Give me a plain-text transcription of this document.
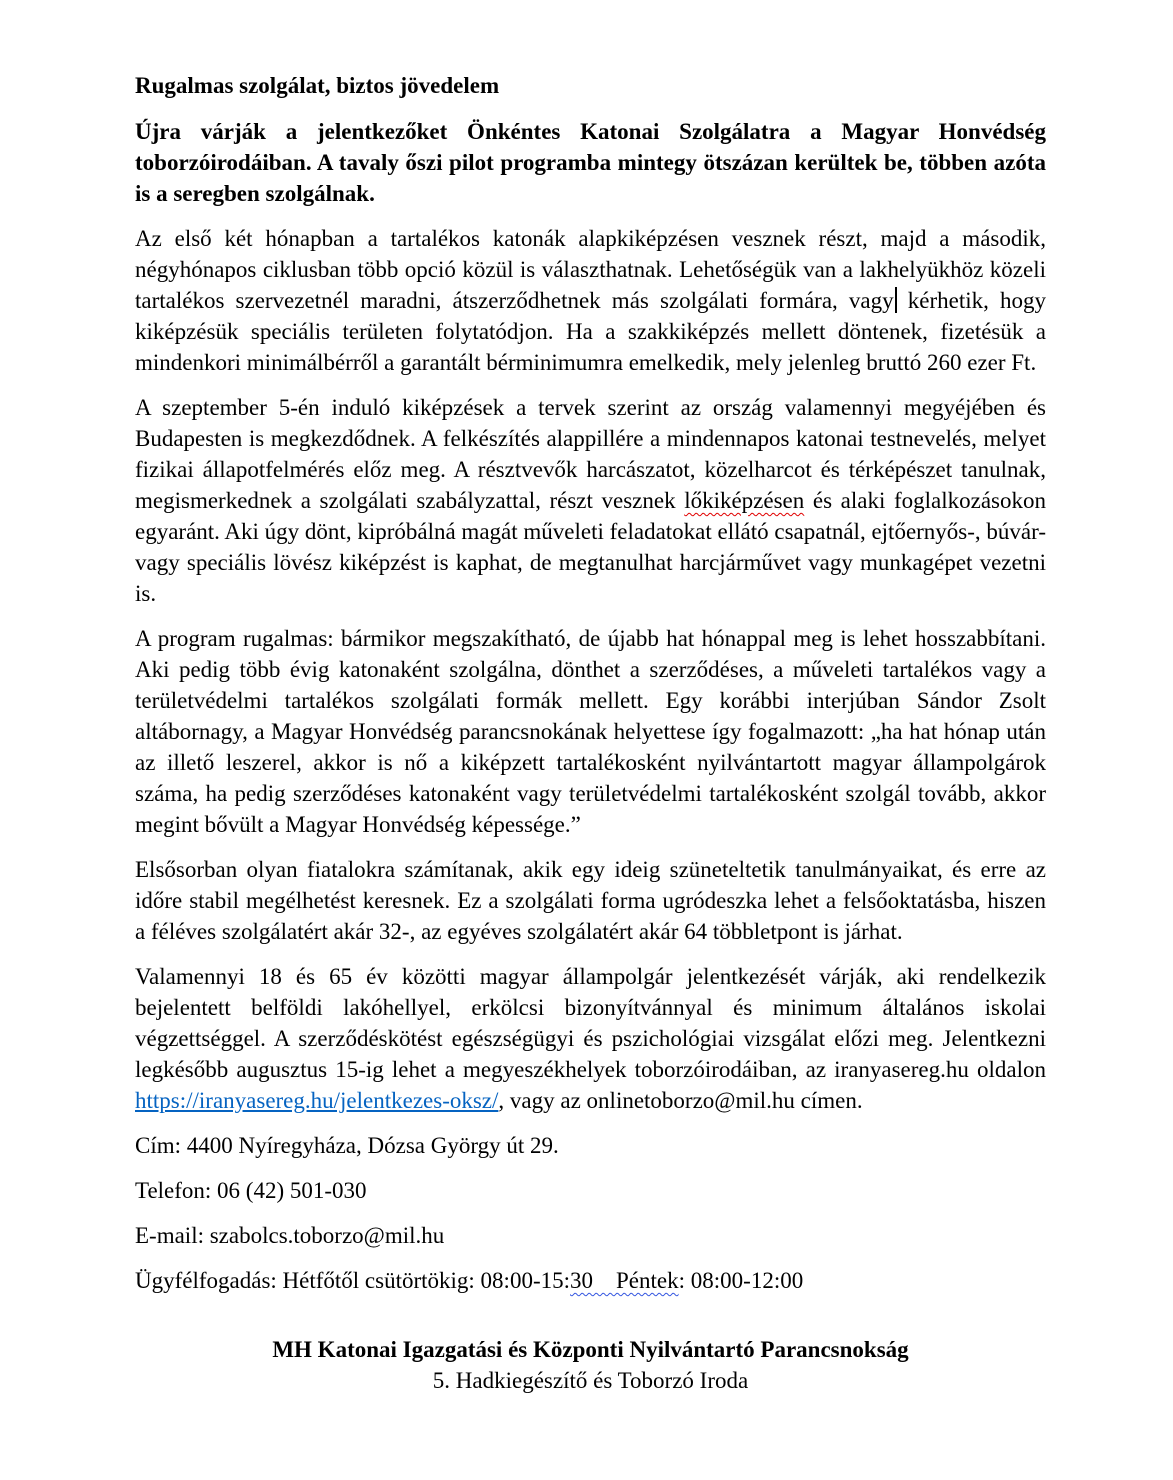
Rugalmas szolgálat, biztos jövedelem

Újra várják a jelentkezőket Önkéntes Katonai Szolgálatra a Magyar Honvédség toborzóirodáiban. A tavaly őszi pilot programba mintegy ötszázan kerültek be, többen azóta is a seregben szolgálnak.

Az első két hónapban a tartalékos katonák alapkiképzésen vesznek részt, majd a második, négyhónapos ciklusban több opció közül is választhatnak. Lehetőségük van a lakhelyükhöz közeli tartalékos szervezetnél maradni, átszerződhetnek más szolgálati formára, vagy kérhetik, hogy kiképzésük speciális területen folytatódjon. Ha a szakkiképzés mellett döntenek, fizetésük a mindenkori minimálbérről a garantált bérminimumra emelkedik, mely jelenleg bruttó 260 ezer Ft.

A szeptember 5-én induló kiképzések a tervek szerint az ország valamennyi megyéjében és Budapesten is megkezdődnek. A felkészítés alappillére a mindennapos katonai testnevelés, melyet fizikai állapotfelmérés előz meg. A résztvevők harcászatot, közelharcot és térképészet tanulnak, megismerkednek a szolgálati szabályzattal, részt vesznek lőkiképzésen és alaki foglalkozásokon egyaránt. Aki úgy dönt, kipróbálná magát műveleti feladatokat ellátó csapatnál, ejtőernyős-, búvár- vagy speciális lövész kiképzést is kaphat, de megtanulhat harcjárművet vagy munkagépet vezetni is.

A program rugalmas: bármikor megszakítható, de újabb hat hónappal meg is lehet hosszabbítani. Aki pedig több évig katonaként szolgálna, dönthet a szerződéses, a műveleti tartalékos vagy a területvédelmi tartalékos szolgálati formák mellett. Egy korábbi interjúban Sándor Zsolt altábornagy, a Magyar Honvédség parancsnokának helyettese így fogalmazott: „ha hat hónap után az illető leszerel, akkor is nő a kiképzett tartalékosként nyilvántartott magyar állampolgárok száma, ha pedig szerződéses katonaként vagy területvédelmi tartalékosként szolgál tovább, akkor megint bővült a Magyar Honvédség képessége.”

Elsősorban olyan fiatalokra számítanak, akik egy ideig szüneteltetik tanulmányaikat, és erre az időre stabil megélhetést keresnek. Ez a szolgálati forma ugródeszka lehet a felsőoktatásba, hiszen a féléves szolgálatért akár 32-, az egyéves szolgálatért akár 64 többletpont is járhat.

Valamennyi 18 és 65 év közötti magyar állampolgár jelentkezését várják, aki rendelkezik bejelentett belföldi lakóhellyel, erkölcsi bizonyítvánnyal és minimum általános iskolai végzettséggel. A szerződéskötést egészségügyi és pszichológiai vizsgálat előzi meg. Jelentkezni legkésőbb augusztus 15-ig lehet a megyeszékhelyek toborzóirodáiban, az iranyasereg.hu oldalon https://iranyasereg.hu/jelentkezes-oksz/, vagy az onlinetoborzo@mil.hu címen.

Cím: 4400 Nyíregyháza, Dózsa György út 29.

Telefon: 06 (42) 501-030

E-mail: szabolcs.toborzo@mil.hu

Ügyfélfogadás: Hétfőtől csütörtökig: 08:00-15:30    Péntek: 08:00-12:00

MH Katonai Igazgatási és Központi Nyilvántartó Parancsnokság

5. Hadkiegészítő és Toborzó Iroda
